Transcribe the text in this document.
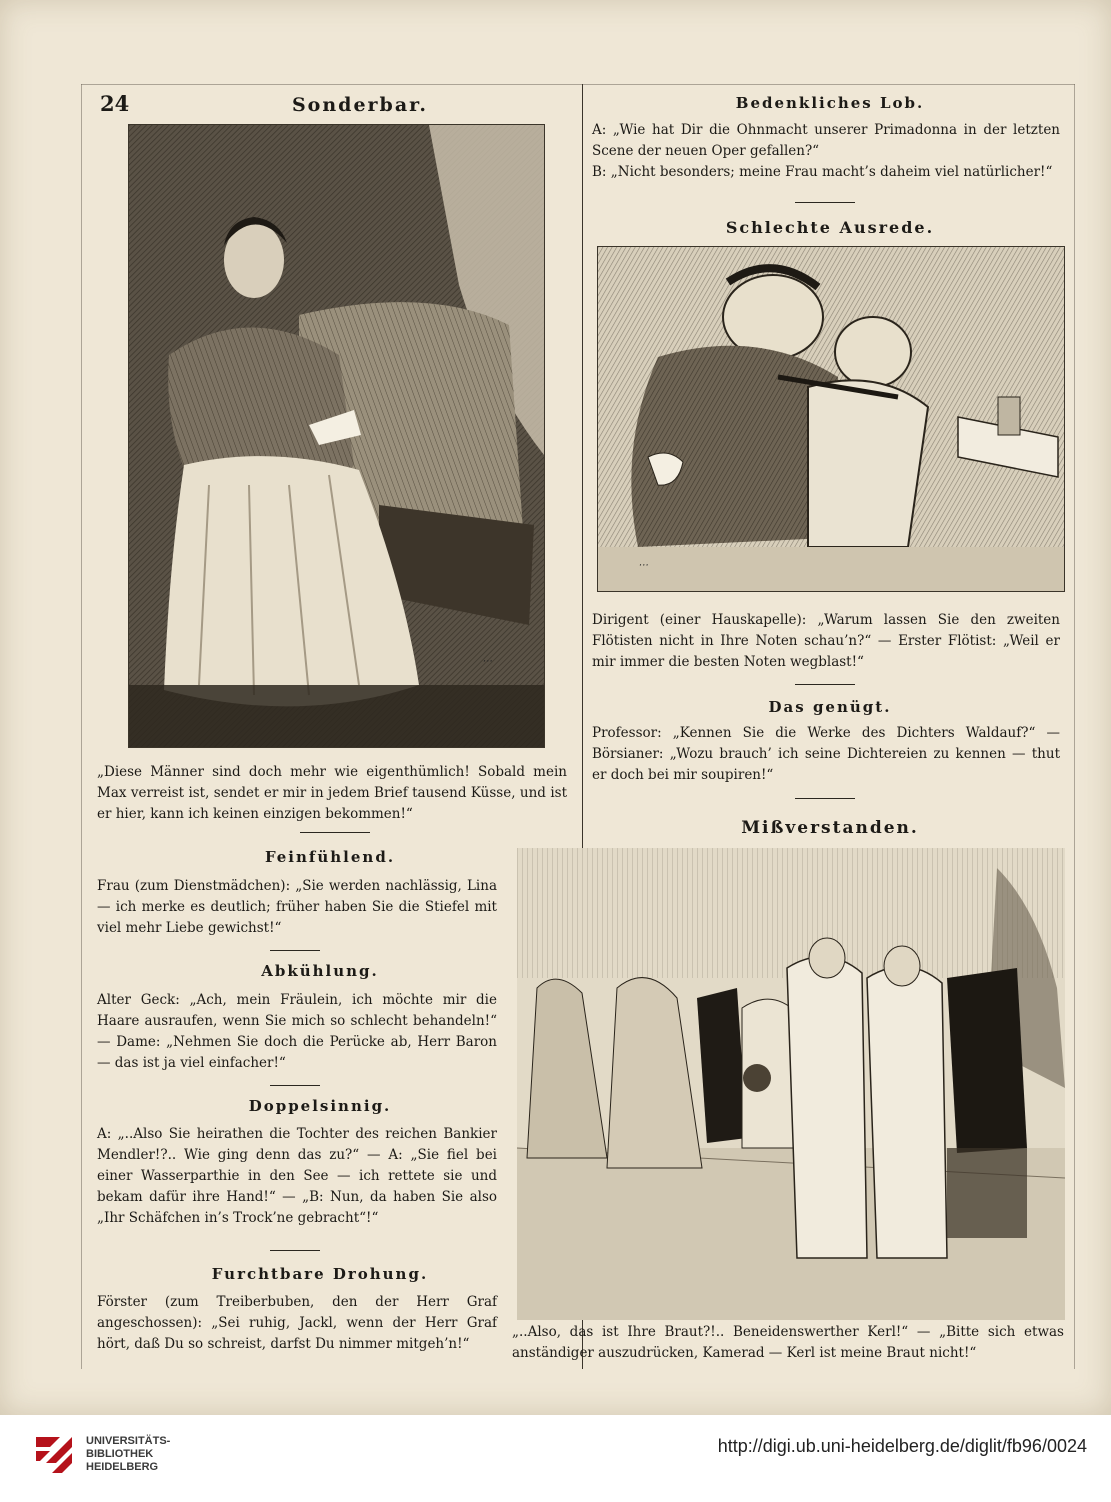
24	Sonderbar.
⋯
„Diese Männer sind doch mehr wie eigenthümlich! Sobald mein Max verreist ist, sendet er mir in jedem Brief tausend Küsse, und ist er hier, kann ich keinen einzigen bekommen!“
Feinfühlend.
Frau (zum Dienstmädchen): „Sie werden nachlässig, Lina — ich merke es deutlich; früher haben Sie die Stiefel mit viel mehr Liebe gewichst!“
Abkühlung.
Alter Geck: „Ach, mein Fräulein, ich möchte mir die Haare ausraufen, wenn Sie mich so schlecht behandeln!“ — Dame: „Nehmen Sie doch die Perücke ab, Herr Baron — das ist ja viel einfacher!“
Doppelsinnig.
A: „..Also Sie heirathen die Tochter des reichen Bankier Mendler!?.. Wie ging denn das zu?“ — A: „Sie fiel bei einer Wasserparthie in den See — ich rettete sie und bekam dafür ihre Hand!“ — „B: Nun, da haben Sie also „Ihr Schäfchen in’s Trock’ne gebracht“!“
Furchtbare Drohung.
Förster (zum Treiberbuben, den der Herr Graf angeschossen): „Sei ruhig, Jackl, wenn der Herr Graf hört, daß Du so schreist, darfst Du nimmer mitgeh’n!“
Bedenkliches Lob.

A: „Wie hat Dir die Ohnmacht unserer Primadonna in der letzten Scene der neuen Oper gefallen?“

B: „Nicht besonders; meine Frau macht’s daheim viel natürlicher!“

Schlechte Ausrede.
⋯
Dirigent (einer Hauskapelle): „Warum lassen Sie den zweiten Flötisten nicht in Ihre Noten schau’n?“ — Erster Flötist: „Weil er mir immer die besten Noten wegblast!“
Das genügt.
Professor: „Kennen Sie die Werke des Dichters Waldauf?“ — Börsianer: „Wozu brauch’ ich seine Dichtereien zu kennen — thut er doch bei mir soupiren!“
Mißverstanden.
„..Also, das ist Ihre Braut?!.. Beneidenswerther Kerl!“ — „Bitte sich etwas anständiger auszudrücken, Kamerad — Kerl ist meine Braut nicht!“
UNIVERSITÄTS-
BIBLIOTHEK
HEIDELBERG
http://digi.ub.uni-heidelberg.de/diglit/fb96/0024
